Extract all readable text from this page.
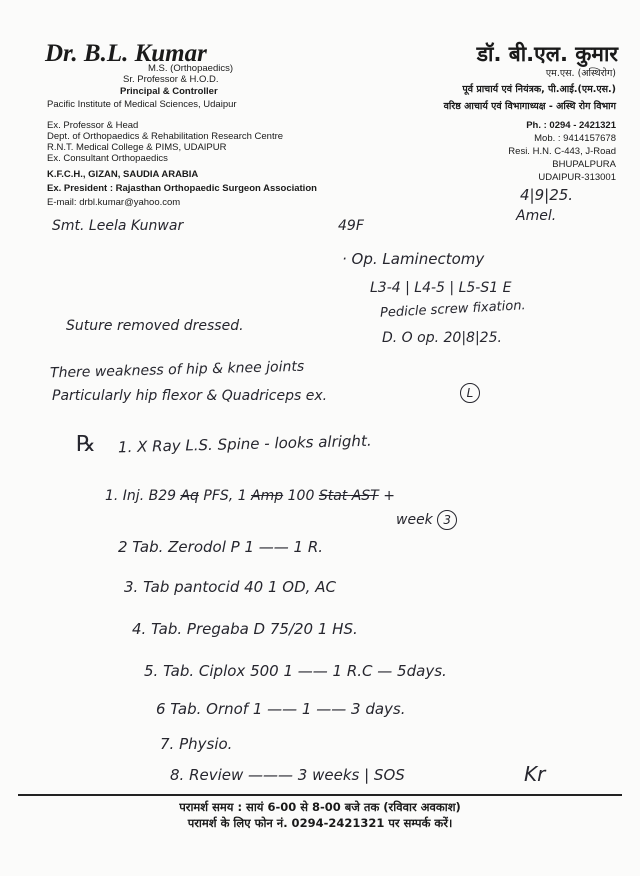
Dr. B.L. Kumar
M.S. (Orthopaedics)
Sr. Professor & H.O.D.
Principal & Controller
Pacific Institute of Medical Sciences, Udaipur
Ex. Professor & Head
Dept. of Orthopaedics & Rehabilitation Research Centre
R.N.T. Medical College & PIMS, UDAIPUR
Ex. Consultant Orthopaedics
K.F.C.H., GIZAN, SAUDIA ARABIA
Ex. President : Rajasthan Orthopaedic Surgeon Association
E-mail: drbl.kumar@yahoo.com
डॉ. बी.एल. कुमार
एम.एस. (अस्थिरोग)
पूर्व प्राचार्य एवं नियंत्रक, पी.आई.(एम.एस.)
वरिष्ठ आचार्य एवं विभागाध्यक्ष - अस्थि रोग विभाग
Ph. : 0294 - 2421321
Mob. : 9414157678
Resi. H.N. C-443, J-Road
BHUPALPURA
UDAIPUR-313001
4|9|25.
Amel.
Smt. Leela Kunwar	49F
· Op. Laminectomy
L3-4 | L4-5 | L5-S1 E
Pedicle screw fixation.
Suture removed dressed.
D. O op. 20|8|25.
There weakness of hip & knee joints
Particularly hip flexor & Quadriceps ex.	L
℞ 1. X Ray L.S. Spine - looks alright.
1. Inj. B29 Aq PFS, 1 Amp 100 Stat AST +
week 3
2 Tab. Zerodol P 1 —— 1 R.
3. Tab pantocid 40 1 OD, AC
4. Tab. Pregaba D 75/20 1 HS.
5. Tab. Ciplox 500 1 —— 1 R.C — 5days.
6 Tab. Ornof 1 —— 1 —— 3 days.
7. Physio.
8. Review ——— 3 weeks | SOS	Kr
परामर्श समय : सायं 6-00 से 8-00 बजे तक (रविवार अवकाश)
परामर्श के लिए फोन नं. 0294-2421321 पर सम्पर्क करें।
